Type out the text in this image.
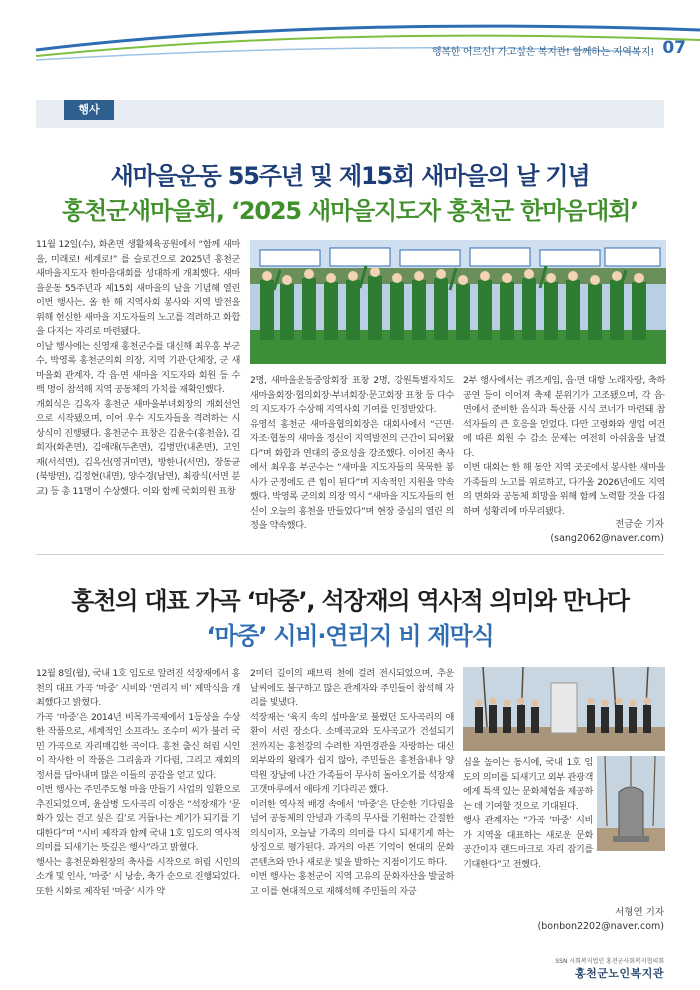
행복한 어르신! 가고싶은 복지관! 함께하는 지역복지! 07
행사
새마을운동 55주년 및 제15회 새마을의 날 기념
홍천군새마을회, ‘2025 새마을지도자 홍천군 한마음대회’

11월 12일(수), 화촌면 생활체육공원에서 “함께 새마을, 미래로! 세계로!” 를 슬로건으로 2025년 홍천군 새마을지도자 한마음대회를 성대하게 개최했다. 새마을운동 55주년과 제15회 새마을의 날을 기념해 열린 이번 행사는, 올 한 해 지역사회 봉사와 지역 발전을 위해 헌신한 새마을 지도자들의 노고를 격려하고 화합을 다지는 자리로 마련됐다.

이날 행사에는 신영재 홍천군수를 대신해 최우흥 부군수, 박영록 홍천군의회 의장, 지역 기관·단체장, 군 새마을회 관계자, 각 읍·면 새마을 지도자와 회원 등 수백 명이 참석해 지역 공동체의 가치를 재확인했다.

개회식은 김옥자 홍천군 새마을부녀회장의 개회선언으로 시작됐으며, 이어 우수 지도자들을 격려하는 시상식이 진행됐다. 홍천군수 표창은 김윤수(홍천읍), 김희자(화촌면), 김애래(두촌면), 김병만(내촌면), 고인재(서석면), 김옥선(영귀미면), 방한나(서면), 장동균(북방면), 김정현(내면), 양수경(남면), 최광식(서면 분교) 등 총 11명이 수상했다. 이와 함께 국회의원 표창

2명, 새마을운동중앙회장 표창 2명, 강원특별자치도 새마을회장·협의회장·부녀회장·문고회장 표창 등 다수의 지도자가 수상해 지역사회 기여를 인정받았다.

유영석 홍천군 새마을협의회장은 대회사에서 “근면·자조·협동의 새마을 정신이 지역발전의 근간이 되어왔다”며 화합과 연대의 중요성을 강조했다. 이어진 축사에서 최우흥 부군수는 “새마을 지도자들의 묵묵한 봉사가 군정에도 큰 힘이 된다”며 지속적인 지원을 약속했다. 박영록 군의회 의장 역시 “새마을 지도자들의 헌신이 오늘의 홍천을 만들었다”며 현장 중심의 열린 의정을 약속했다.

2부 행사에서는 퀴즈게임, 읍·면 대항 노래자랑, 축하 공연 등이 이어져 축제 분위기가 고조됐으며, 각 읍·면에서 준비한 음식과 특산품 시식 코너가 마련돼 참석자들의 큰 호응을 얻었다. 다만 고령화와 생업 여건에 따른 회원 수 감소 문제는 여전히 아쉬움을 남겼다.

이번 대회는 한 해 동안 지역 곳곳에서 봉사한 새마을 가족들의 노고를 위로하고, 다가올 2026년에도 지역의 변화와 공동체 희망을 위해 함께 노력할 것을 다짐하며 성황리에 마무리됐다.

전금순 기자
(sang2062@naver.com)
홍천의 대표 가곡 ‘마중’, 석장재의 역사적 의미와 만나다
‘마중’ 시비·연리지 비 제막식

12월 8일(월), 국내 1호 임도로 알려진 석장재에서 홍천의 대표 가곡 ‘마중’ 시비와 ‘연리지 비’ 제막식을 개최했다고 밝혔다.

가곡 ‘마중’은 2014년 비목가곡제에서 1등상을 수상한 작품으로, 세계적인 소프라노 조수미 씨가 불러 국민 가곡으로 자리매김한 곡이다. 홍천 출신 허림 시인이 작사한 이 작품은 그리움과 기다림, 그리고 재회의 정서를 담아내며 많은 이들의 공감을 얻고 있다.

이번 행사는 주민주도형 마을 만들기 사업의 일환으로 추진되었으며, 윤삼병 도사곡리 이장은 “석장재가 ‘문화가 있는 걷고 싶은 길’로 거듭나는 계기가 되기를 기대한다”며 “시비 제작과 함께 국내 1호 임도의 역사적 의미를 되새기는 뜻깊은 행사”라고 밝혔다.

행사는 홍천문화원장의 축사를 시작으로 허림 시인의 소개 및 인사, ‘마중’ 시 낭송, 축가 순으로 진행되었다. 또한 시화로 제작된 ‘마중’ 시가 약

2미터 길이의 패브릭 천에 걸려 전시되었으며, 추운 날씨에도 불구하고 많은 관계자와 주민들이 참석해 자리를 빛냈다.

석장재는 ‘육지 속의 섬마을’로 불렸던 도사곡리의 애환이 서린 장소다. 소매곡교와 도사곡교가 건설되기 전까지는 홍천강의 수려한 자연경관을 자랑하는 대신 외부와의 왕래가 쉽지 않아, 주민들은 홍천읍내나 양덕원 장날에 나간 가족들이 무사히 돌아오기를 석장재 고갯마루에서 애타게 기다리곤 했다.

이러한 역사적 배경 속에서 ‘마중’은 단순한 기다림을 넘어 공동체의 안녕과 가족의 무사를 기원하는 간절한 의식이자, 오늘날 가족의 의미를 다시 되새기게 하는 상징으로 평가된다. 과거의 아픈 기억이 현대의 문화 콘텐츠와 만나 새로운 빛을 발하는 지점이기도 하다.

이번 행사는 홍천군이 지역 고유의 문화자산을 발굴하고 이를 현대적으로 재해석해 주민들의 자긍

심을 높이는 동시에, 국내 1호 임도의 의미를 되새기고 외부 관광객에게 특색 있는 문화체험을 제공하는 데 기여할 것으로 기대된다.

행사 관계자는 “가곡 ‘마중’ 시비가 지역을 대표하는 새로운 문화 공간이자 랜드마크로 자리 잡기를 기대한다”고 전했다.

서형연 기자
(bonbon2202@naver.com)
SSN 사회복지법인 홍천군사회복지협의회
홍천군노인복지관
